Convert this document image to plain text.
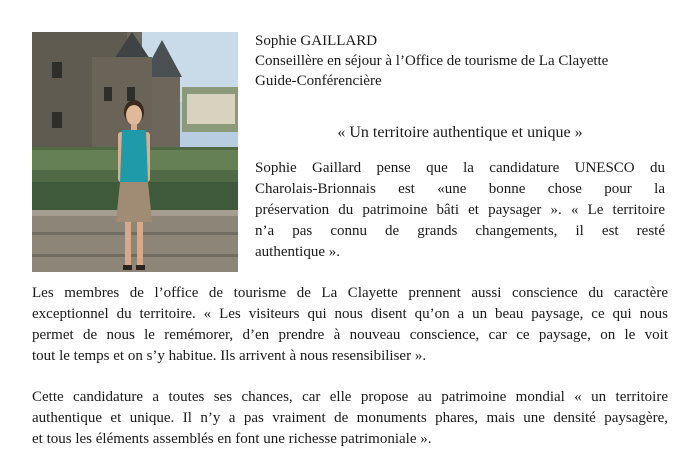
Sophie GAILLARD
Conseillère en séjour à l’Office de tourisme de La Clayette
Guide-Conférencière
« Un territoire authentique et unique »
Sophie Gaillard pense que la candidature UNESCO du
Charolais-Brionnais est «une bonne chose pour la
préservation du patrimoine bâti et paysager ». « Le territoire
n’a pas connu de grands changements, il est resté
authentique ».
Les membres de l’office de tourisme de La Clayette prennent aussi conscience du caractère
exceptionnel du territoire. « Les visiteurs qui nous disent qu’on a un beau paysage, ce qui nous
permet de nous le remémorer, d’en prendre à nouveau conscience, car ce paysage, on le voit
tout le temps et on s’y habitue. Ils arrivent à nous resensibiliser ».
Cette candidature a toutes ses chances, car elle propose au patrimoine mondial « un territoire
authentique et unique. Il n’y a pas vraiment de monuments phares, mais une densité paysagère,
et tous les éléments assemblés en font une richesse patrimoniale ».
